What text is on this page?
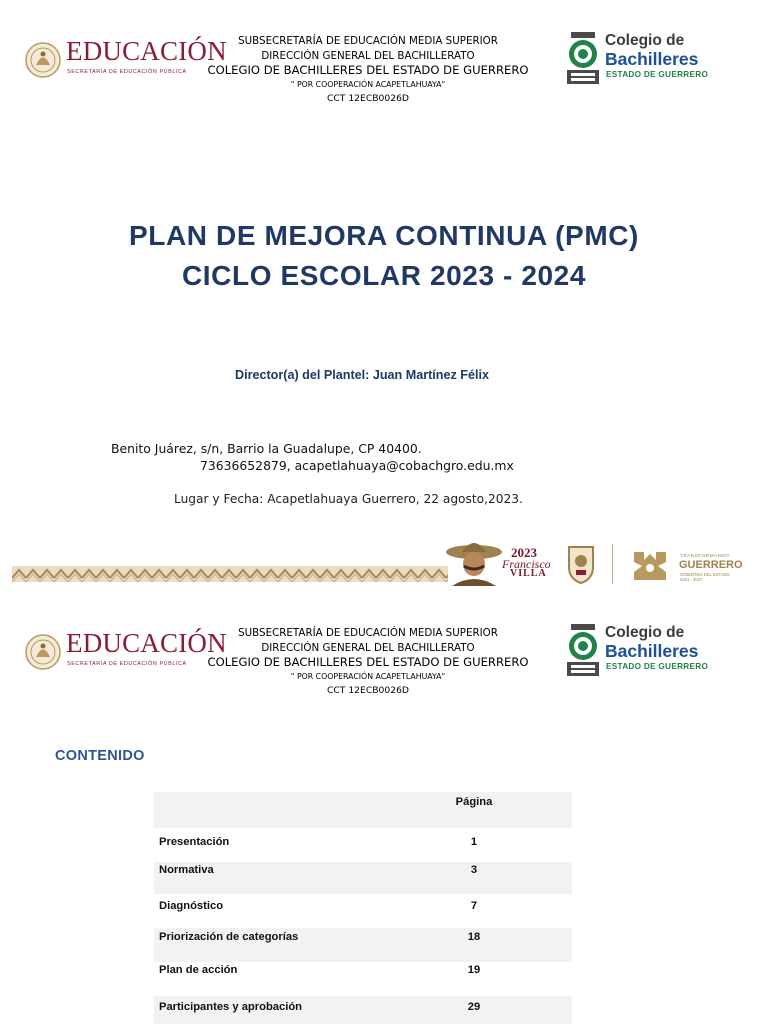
EDUCACIÓN
SECRETARÍA DE EDUCACIÓN PÚBLICA
SUBSECRETARÍA DE EDUCACIÓN MEDIA SUPERIOR
DIRECCIÓN GENERAL DEL BACHILLERATO
COLEGIO DE BACHILLERES DEL ESTADO DE GUERRERO
" POR COOPERACIÓN ACAPETLAHUAYA"
CCT 12ECB0026D
Colegio de
Bachilleres
ESTADO DE GUERRERO
PLAN DE MEJORA CONTINUA (PMC)
CICLO ESCOLAR 2023 - 2024
Director(a) del Plantel: Juan Martínez Félix
Benito Juárez, s/n, Barrio la Guadalupe, CP 40400.
73636652879, acapetlahuaya@cobachgro.edu.mx
Lugar y Fecha: Acapetlahuaya Guerrero, 22 agosto,2023.
2023
Francisco
VILLA
TRANSFORMANDO
GUERRERO
GOBIERNO DEL ESTADO
2021 - 2027
EDUCACIÓN
SECRETARÍA DE EDUCACIÓN PÚBLICA
SUBSECRETARÍA DE EDUCACIÓN MEDIA SUPERIOR
DIRECCIÓN GENERAL DEL BACHILLERATO
COLEGIO DE BACHILLERES DEL ESTADO DE GUERRERO
" POR COOPERACIÓN ACAPETLAHUAYA"
CCT 12ECB0026D
Colegio de
Bachilleres
ESTADO DE GUERRERO
CONTENIDO
Página
Presentación	1
Normativa	3
Diagnóstico	7
Priorización de categorías	18
Plan de acción	19
Participantes y aprobación	29
